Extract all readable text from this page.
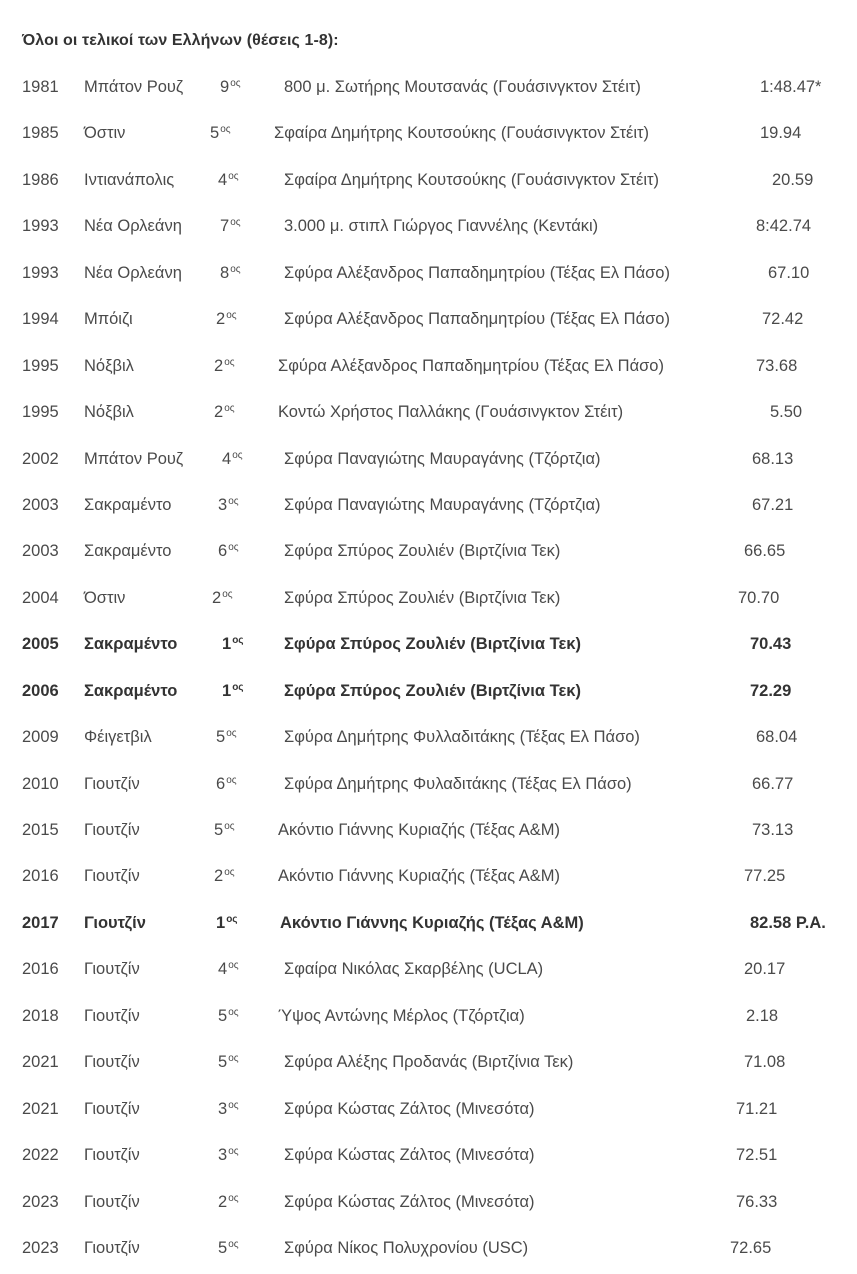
Όλοι οι τελικοί των Ελλήνων (θέσεις 1-8):
1981 Μπάτον Ρουζ $9^{o\varsigma}$	800 μ. Σωτήρης Μουτσανάς (Γουάσινγκτον Στέιτ)	1:48.47*
1985 Όστιν	$5^{o\varsigma}$	Σφαίρα Δημήτρης Κουτσούκης (Γουάσινγκτον Στέιτ)	19.94
1986 Ιντιανάπολις	$4^{o\varsigma}$	Σφαίρα Δημήτρης Κουτσούκης (Γουάσινγκτον Στέιτ)	20.59
1993 Νέα Ορλεάνη $7^{o\varsigma}$	3.000 μ. στιπλ Γιώργος Γιαννέλης (Κεντάκι)	8:42.74
1993 Νέα Ορλεάνη $8^{o\varsigma}$	Σφύρα Αλέξανδρος Παπαδημητρίου (Τέξας Ελ Πάσο)	67.10
1994 Μπόιζι	$2^{o\varsigma}$	Σφύρα Αλέξανδρος Παπαδημητρίου (Τέξας Ελ Πάσο)	72.42
1995 Νόξβιλ	$2^{o\varsigma}$	Σφύρα Αλέξανδρος Παπαδημητρίου (Τέξας Ελ Πάσο)	73.68
1995 Νόξβιλ	$2^{o\varsigma}$	Κοντώ Χρήστος Παλλάκης (Γουάσινγκτον Στέιτ)	5.50
2002 Μπάτον Ρουζ $4^{o\varsigma}$	Σφύρα Παναγιώτης Μαυραγάνης (Τζόρτζια)	68.13
2003 Σακραμέντο	$3^{o\varsigma}$	Σφύρα Παναγιώτης Μαυραγάνης (Τζόρτζια)	67.21
2003 Σακραμέντο	$6^{o\varsigma}$	Σφύρα Σπύρος Ζουλιέν (Βιρτζίνια Τεκ)	66.65
2004 Όστιν	$2^{o\varsigma}$	Σφύρα Σπύρος Ζουλιέν (Βιρτζίνια Τεκ)	70.70
2005 Σακραμέντο	$1^{o\varsigma}$ Σφύρα Σπύρος Ζουλιέν (Βιρτζίνια Τεκ)	70.43
2006 Σακραμέντο	$1^{o\varsigma}$ Σφύρα Σπύρος Ζουλιέν (Βιρτζίνια Τεκ)	72.29
2009 Φέιγετβιλ	$5^{o\varsigma}$	Σφύρα Δημήτρης Φυλλαδιτάκης (Τέξας Ελ Πάσο)	68.04
2010 Γιουτζίν	$6^{o\varsigma}$	Σφύρα Δημήτρης Φυλαδιτάκης (Τέξας Ελ Πάσο)	66.77
2015 Γιουτζίν	$5^{o\varsigma}$	Ακόντιο Γιάννης Κυριαζής (Τέξας Α&Μ)	73.13
2016 Γιουτζίν	$2^{o\varsigma}$	Ακόντιο Γιάννης Κυριαζής (Τέξας Α&Μ)	77.25
2017 Γιουτζίν	$1^{o\varsigma}$	Ακόντιο Γιάννης Κυριαζής (Τέξας Α&Μ)	82.58 Ρ.Α.
2016 Γιουτζίν	$4^{o\varsigma}$	Σφαίρα Νικόλας Σκαρβέλης (UCLA)	20.17
2018 Γιουτζίν	$5^{o\varsigma}$ Ύψος Αντώνης Μέρλος (Τζόρτζια)	2.18
2021 Γιουτζίν	$5^{o\varsigma}$	Σφύρα Αλέξης Προδανάς (Βιρτζίνια Τεκ)	71.08
2021 Γιουτζίν	$3^{o\varsigma}$	Σφύρα Κώστας Ζάλτος (Μινεσότα)	71.21
2022 Γιουτζίν	$3^{o\varsigma}$	Σφύρα Κώστας Ζάλτος (Μινεσότα)	72.51
2023 Γιουτζίν	$2^{o\varsigma}$	Σφύρα Κώστας Ζάλτος (Μινεσότα)	76.33
2023 Γιουτζίν	$5^{o\varsigma}$	Σφύρα Νίκος Πολυχρονίου (USC)	72.65
